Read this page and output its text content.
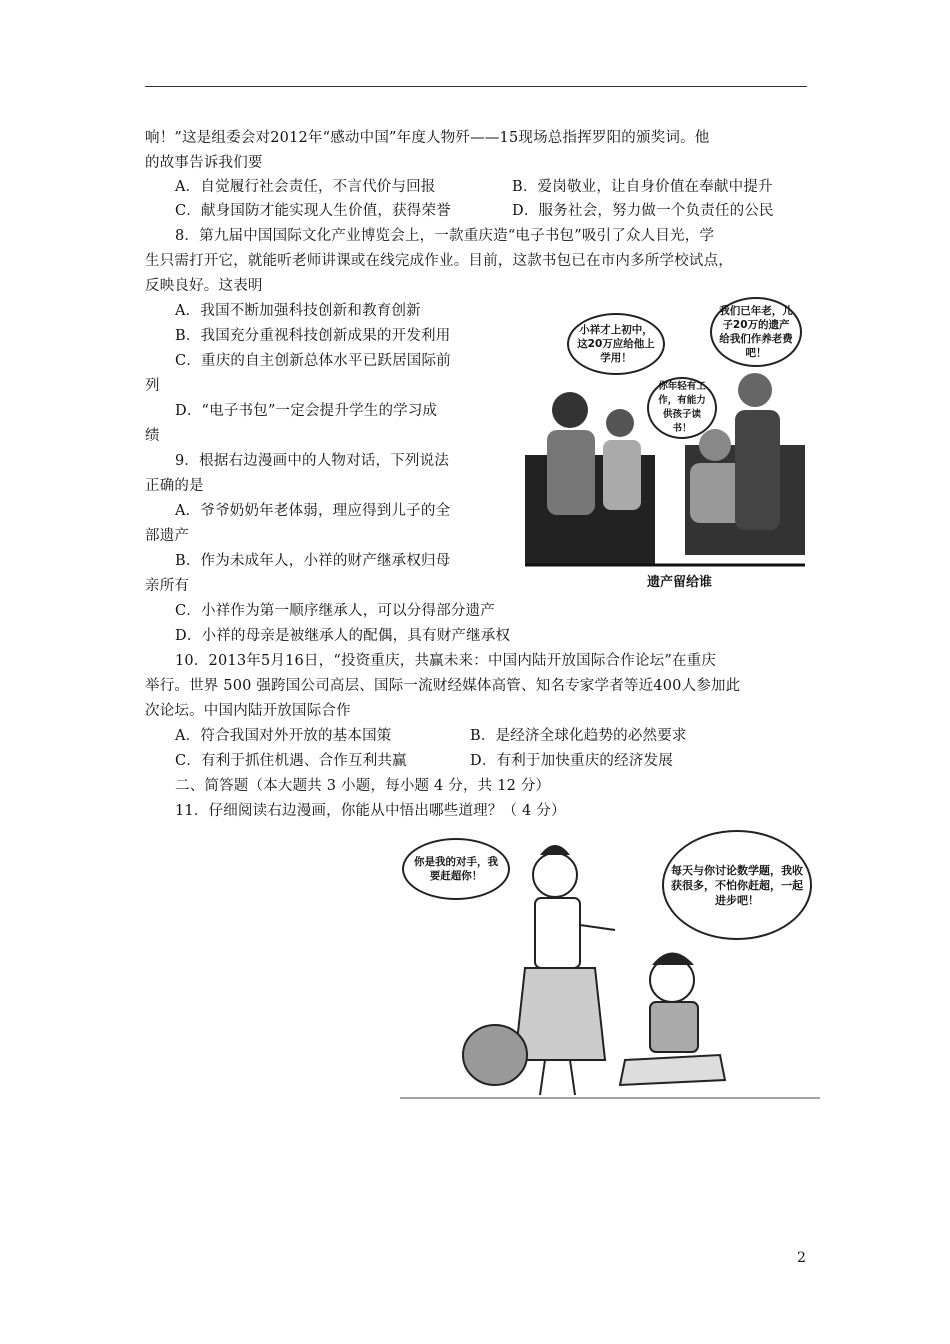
响！”这是组委会对2012年“感动中国”年度人物歼——15现场总指挥罗阳的颁奖词。他
的故事告诉我们要
A．自觉履行社会责任，不言代价与回报	B．爱岗敬业，让自身价值在奉献中提升
C．献身国防才能实现人生价值，获得荣誉	D．服务社会，努力做一个负责任的公民
8．第九届中国国际文化产业博览会上，一款重庆造“电子书包”吸引了众人目光，学
生只需打开它，就能听老师讲课或在线完成作业。目前，这款书包已在市内多所学校试点，
反映良好。这表明
A．我国不断加强科技创新和教育创新
B．我国充分重视科技创新成果的开发利用
C．重庆的自主创新总体水平已跃居国际前
列
D．“电子书包”一定会提升学生的学习成
绩
9．根据右边漫画中的人物对话，下列说法
正确的是
A．爷爷奶奶年老体弱，理应得到儿子的全
部遗产
B．作为未成年人，小祥的财产继承权归母
亲所有
C．小祥作为第一顺序继承人，可以分得部分遗产
D．小祥的母亲是被继承人的配偶，具有财产继承权
10．2013年5月16日，“投资重庆，共赢未来：中国内陆开放国际合作论坛”在重庆
举行。世界 500 强跨国公司高层、国际一流财经媒体高管、知名专家学者等近400人参加此
次论坛。中国内陆开放国际合作
A．符合我国对外开放的基本国策	B．是经济全球化趋势的必然要求
C．有利于抓住机遇、合作互利共赢	D．有利于加快重庆的经济发展
二、简答题（本大题共 3 小题，每小题 4 分，共 12 分）
11．仔细阅读右边漫画，你能从中悟出哪些道理？（ 4 分）
小祥才上初中，这20万应给他上学用！
我们已年老，儿子20万的遗产给我们作养老费吧！
你年轻有工作，有能力供孩子读书！
小祥
遗产留给谁
你是我的对手，我要赶超你！	每天与你讨论数学题，我收获很多，不怕你赶超，一起进步吧！
2
